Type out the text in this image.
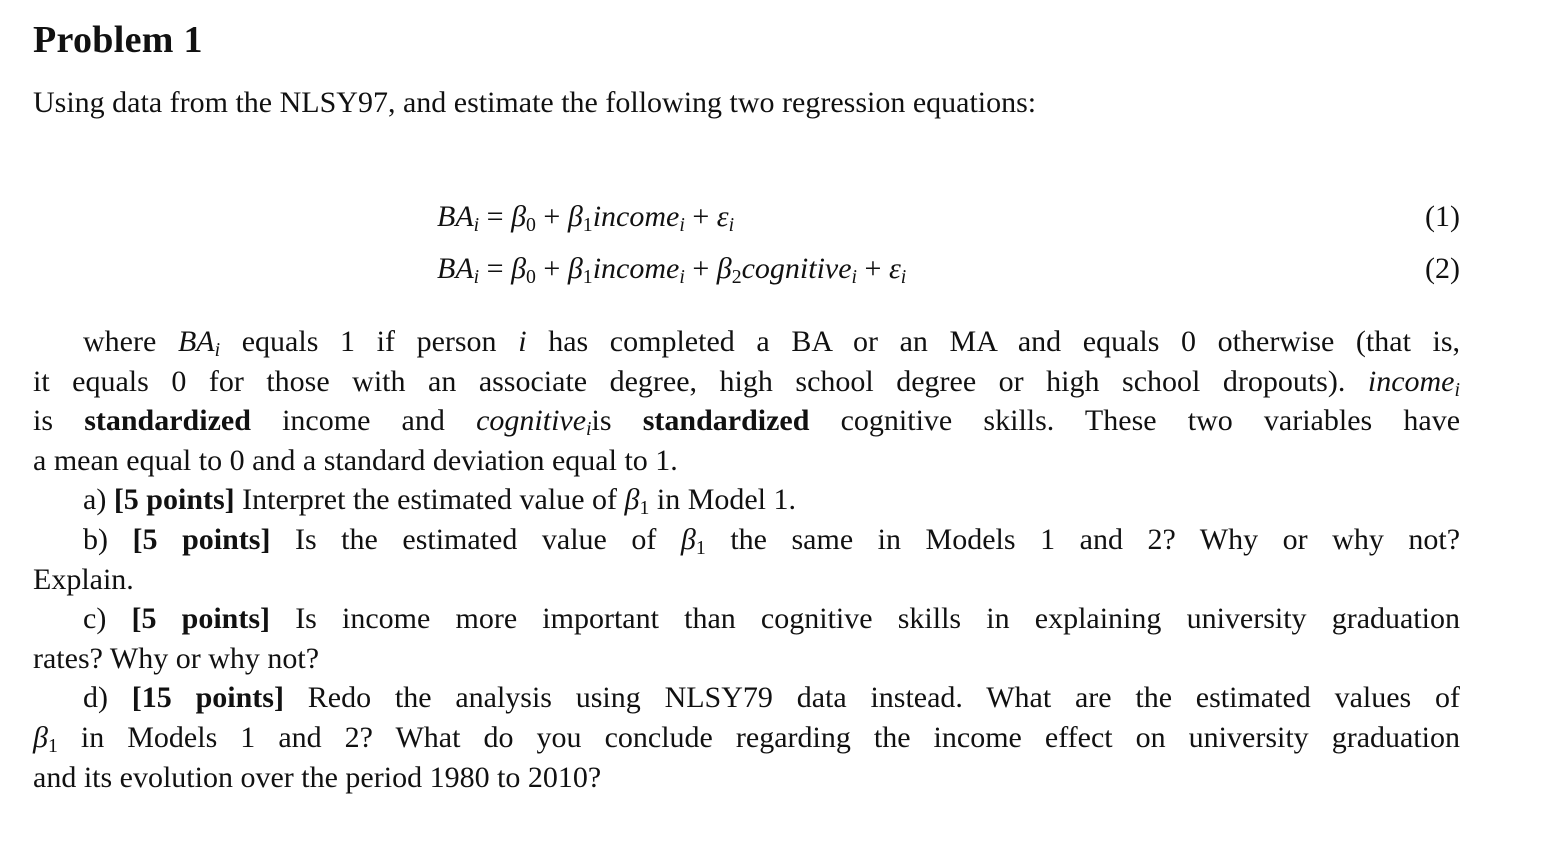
Problem 1

Using data from the NLSY97, and estimate the following two regression equations:

$BA_i = \beta_0$ + $\beta_1income_i + \varepsilon_i$	(1)
$BA_i = \beta_0$ + $\beta_1income_i$ + $\beta_2cognitive_i + \varepsilon_i$	(2)
where $BA_i$ equals 1 if person i has completed a BA or an MA and equals 0 otherwise (that is,
it equals 0 for those with an associate degree, high school degree or high school dropouts). income$_i$
is standardized income and cognitive$_i$is standardized cognitive skills. These two variables have
a mean equal to 0 and a standard deviation equal to 1.
a) [5 points] Interpret the estimated value of $\beta_1$ in Model 1.
b) [5 points] Is the estimated value of $\beta_1$ the same in Models 1 and 2? Why or why not?
Explain.
c) [5 points] Is income more important than cognitive skills in explaining university graduation
rates? Why or why not?
d) [15 points] Redo the analysis using NLSY79 data instead. What are the estimated values of
$\beta_1$ in Models 1 and 2? What do you conclude regarding the income effect on university graduation
and its evolution over the period 1980 to 2010?
